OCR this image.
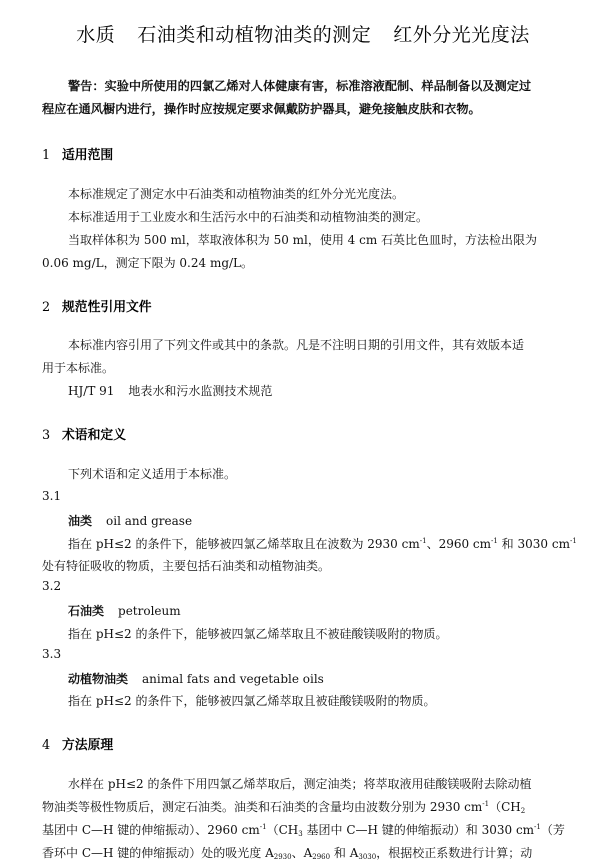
水质 石油类和动植物油类的测定 红外分光光度法
警告：实验中所使用的四氯乙烯对人体健康有害，标准溶液配制、样品制备以及测定过
程应在通风橱内进行，操作时应按规定要求佩戴防护器具，避免接触皮肤和衣物。
1 适用范围
本标准规定了测定水中石油类和动植物油类的红外分光光度法。
本标准适用于工业废水和生活污水中的石油类和动植物油类的测定。
当取样体积为 500 ml，萃取液体积为 50 ml，使用 4 cm 石英比色皿时，方法检出限为
0.06 mg/L，测定下限为 0.24 mg/L。
2 规范性引用文件
本标准内容引用了下列文件或其中的条款。凡是不注明日期的引用文件，其有效版本适
用于本标准。
HJ/T 91 地表水和污水监测技术规范
3 术语和定义
下列术语和定义适用于本标准。
3.1
油类 oil and grease
指在 pH≤2 的条件下，能够被四氯乙烯萃取且在波数为 2930 $cm^{-1}$、2960 $cm^{-1}$ 和 3030 $cm^{-1}$
处有特征吸收的物质，主要包括石油类和动植物油类。
3.2
石油类 petroleum
指在 pH≤2 的条件下，能够被四氯乙烯萃取且不被硅酸镁吸附的物质。
3.3
动植物油类 animal fats and vegetable oils
指在 pH≤2 的条件下，能够被四氯乙烯萃取且被硅酸镁吸附的物质。
4 方法原理
水样在 pH≤2 的条件下用四氯乙烯萃取后，测定油类；将萃取液用硅酸镁吸附去除动植
物油类等极性物质后，测定石油类。油类和石油类的含量均由波数分别为 2930 $cm^{-1}(CH_2$
基团中 C—H 键的伸缩振动）、2960 $cm^{-1}(CH_3$ 基团中 C—H 键的伸缩振动）和 3030 $cm^{-1}$（芳
香环中 C—H 键的伸缩振动）处的吸光度 $A_{2930}$、$A_{2960}$ 和 $A_{3030}$，根据校正系数进行计算；动
